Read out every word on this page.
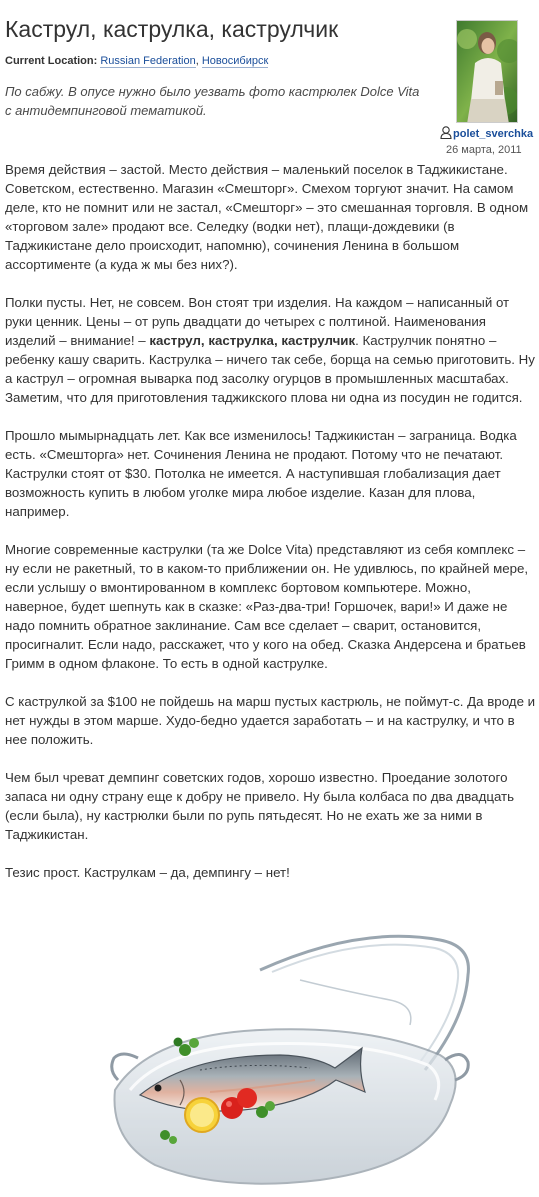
Каструл, каструлка, каструлчик
Current Location: Russian Federation, Новосибирск
По сабжу. В опусе нужно было уезвать фото кастрюлек Dolce Vita с антидемпинговой тематикой.
polet_sverchka
26 марта, 2011

Время действия – застой. Место действия – маленький поселок в Таджикистане. Советском, естественно. Магазин «Смешторг». Смехом торгуют значит. На самом деле, кто не помнит или не застал, «Смешторг» – это смешанная торговля. В одном «торговом зале» продают все. Селедку (водки нет), плащи-дождевики (в Таджикистане дело происходит, напомню), сочинения Ленина в большом ассортименте (а куда ж мы без них?).

Полки пусты. Нет, не совсем. Вон стоят три изделия. На каждом – написанный от руки ценник. Цены – от рупь двадцати до четырех с полтиной. Наименования изделий – внимание! – каструл, каструлка, каструлчик. Каструлчик понятно – ребенку кашу сварить. Каструлка – ничего так себе, борща на семью приготовить. Ну а каструл – огромная выварка под засолку огурцов в промышленных масштабах. Заметим, что для приготовления таджикского плова ни одна из посудин не годится.

Прошло мымырнадцать лет. Как все изменилось! Таджикистан – заграница. Водка есть. «Смешторга» нет. Сочинения Ленина не продают. Потому что не печатают. Каструлки стоят от $30. Потолка не имеется. А наступившая глобализация дает возможность купить в любом уголке мира любое изделие. Казан для плова, например.

Многие современные каструлки (та же Dolce Vita) представляют из себя комплекс – ну если не ракетный, то в каком-то приближении он. Не удивлюсь, по крайней мере, если услышу о вмонтированном в комплекс бортовом компьютере. Можно, наверное, будет шепнуть как в сказке: «Раз-два-три! Горшочек, вари!» И даже не надо помнить обратное заклинание. Сам все сделает – сварит, остановится, просигналит. Если надо, расскажет, что у кого на обед. Сказка Андерсена и братьев Гримм в одном флаконе. То есть в одной каструлке.

С каструлкой за $100 не пойдешь на марш пустых кастрюль, не поймут-с. Да вроде и нет нужды в этом марше. Худо-бедно удается заработать – и на каструлку, и что в нее положить.

Чем был чреват демпинг советских годов, хорошо известно. Проедание золотого запаса ни одну страну еще к добру не привело. Ну была колбаса по два двадцать (если была), ну кастрюлки были по рупь пятьдесят. Но не ехать же за ними в Таджикистан.

Тезис прост. Каструлкам – да, демпингу – нет!
